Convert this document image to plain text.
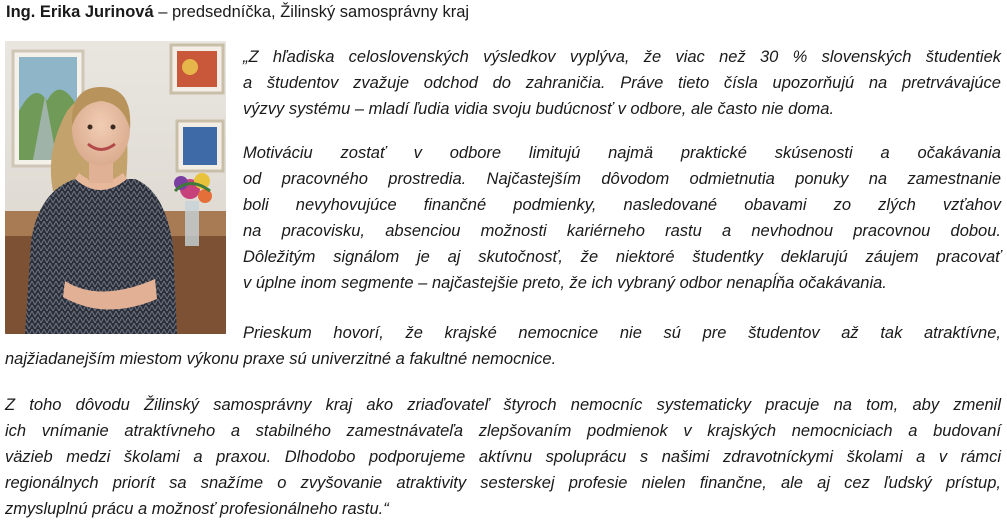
Ing. Erika Jurinová – predsedníčka, Žilinský samosprávny kraj
„Z hľadiska celoslovenských výsledkov vyplýva, že viac než 30 % slovenských študentiek
a študentov zvažuje odchod do zahraničia. Práve tieto čísla upozorňujú na pretrvávajúce
výzvy systému – mladí ľudia vidia svoju budúcnosť v odbore, ale často nie doma.
Motiváciu zostať v odbore limitujú najmä praktické skúsenosti a očakávania
od pracovného prostredia. Najčastejším dôvodom odmietnutia ponuky na zamestnanie
boli nevyhovujúce finančné podmienky, nasledované obavami zo zlých vzťahov
na pracovisku, absenciou možnosti kariérneho rastu a nevhodnou pracovnou dobou.
Dôležitým signálom je aj skutočnosť, že niektoré študentky deklarujú záujem pracovať
v úplne inom segmente – najčastejšie preto, že ich vybraný odbor nenapĺňa očakávania.
Prieskum hovorí, že krajské nemocnice nie sú pre študentov až tak atraktívne,
najžiadanejším miestom výkonu praxe sú univerzitné a fakultné nemocnice.
Z toho dôvodu Žilinský samosprávny kraj ako zriaďovateľ štyroch nemocníc systematicky pracuje na tom, aby zmenil
ich vnímanie atraktívneho a stabilného zamestnávateľa zlepšovaním podmienok v krajských nemocniciach a budovaní
väzieb medzi školami a praxou. Dlhodobo podporujeme aktívnu spoluprácu s našimi zdravotníckymi školami a v rámci
regionálnych priorít sa snažíme o zvyšovanie atraktivity sesterskej profesie nielen finančne, ale aj cez ľudský prístup,
zmysluplnú prácu a možnosť profesionálneho rastu.“
